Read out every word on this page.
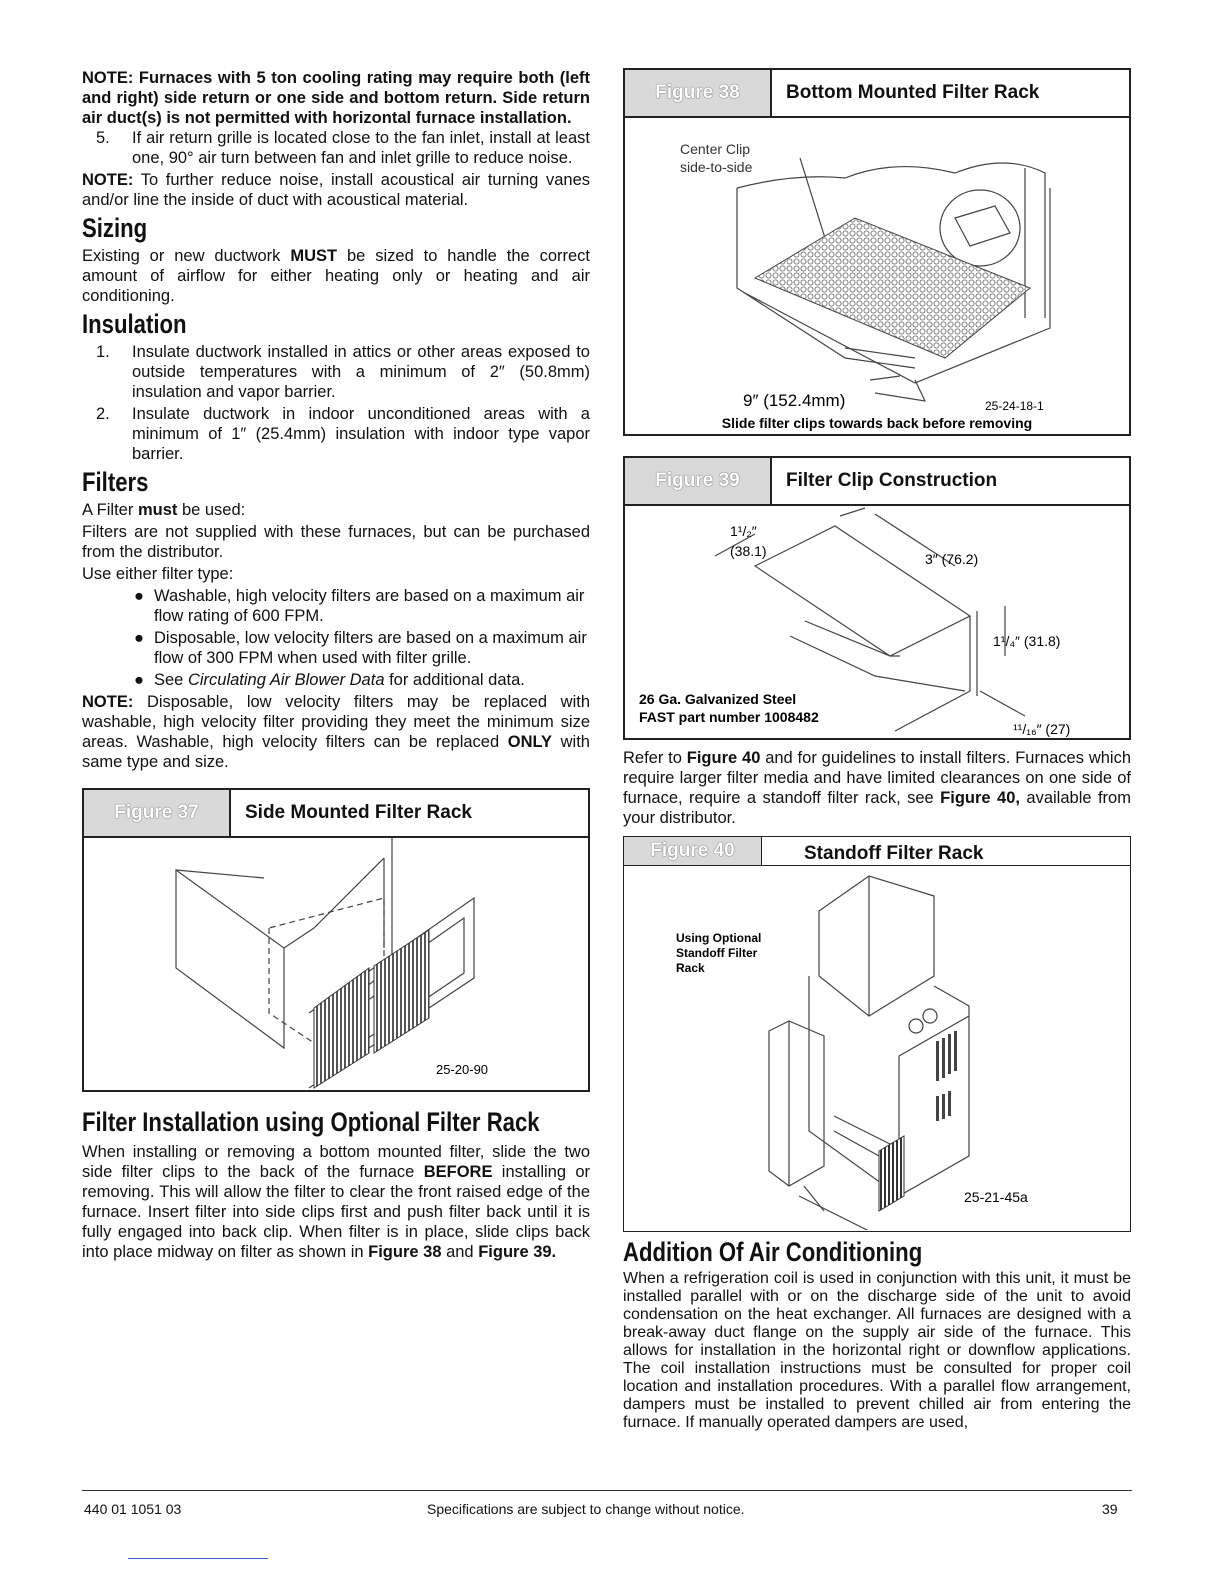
NOTE: Furnaces with 5 ton cooling rating may require both (left and right) side return or one side and bottom return. Side return air duct(s) is not permitted with horizontal furnace installation.

5.	If air return grille is located close to the fan inlet, install at least one, 90° air turn between fan and inlet grille to reduce noise.

NOTE: To further reduce noise, install acoustical air turning vanes and/or line the inside of duct with acoustical material.

Sizing

Existing or new ductwork MUST be sized to handle the correct amount of airflow for either heating only or heating and air conditioning.

Insulation
1.	Insulate ductwork installed in attics or other areas exposed to outside temperatures with a minimum of 2″ (50.8mm) insulation and vapor barrier.
2.	Insulate ductwork in indoor unconditioned areas with a minimum of 1″ (25.4mm) insulation with indoor type vapor barrier.
Filters

A Filter must be used:

Filters are not supplied with these furnaces, but can be purchased from the distributor.

Use either filter type:

● Washable, high velocity filters are based on a maximum air flow rating of 600 FPM.
● Disposable, low velocity filters are based on a maximum air flow of 300 FPM when used with filter grille.
● See Circulating Air Blower Data for additional data.

NOTE: Disposable, low velocity filters may be replaced with washable, high velocity filter providing they meet the minimum size areas. Washable, high velocity filters can be replaced ONLY with same type and size.

Figure 37	Side Mounted Filter Rack
25-20-90
Filter Installation using Optional Filter Rack

When installing or removing a bottom mounted filter, slide the two side filter clips to the back of the furnace BEFORE installing or removing. This will allow the filter to clear the front raised edge of the furnace. Insert filter into side clips first and push filter back until it is fully engaged into back clip. When filter is in place, slide clips back into place midway on filter as shown in Figure 38 and Figure 39.

Figure 38	Bottom Mounted Filter Rack
Center Clip
side-to-side
9″ (152.4mm)	25-24-18-1
Slide filter clips towards back before removing
Figure 39	Filter Clip Construction
1¹/₂″
(38.1)	3″ (76.2)
1¹/₄″ (31.8)
¹¹/₁₆″ (27)
26 Ga. Galvanized Steel
FAST part number 1008482

Refer to Figure 40 and for guidelines to install filters. Furnaces which require larger filter media and have limited clearances on one side of furnace, require a standoff filter rack, see Figure 40, available from your distributor.

Figure 40	Standoff Filter Rack
Using Optional
Standoff Filter
Rack
25-21-45a
Addition Of Air Conditioning

When a refrigeration coil is used in conjunction with this unit, it must be installed parallel with or on the discharge side of the unit to avoid condensation on the heat exchanger. All furnaces are designed with a break-away duct flange on the supply air side of the furnace. This allows for installation in the horizontal right or downflow applications. The coil installation instructions must be consulted for proper coil location and installation procedures. With a parallel flow arrangement, dampers must be installed to prevent chilled air from entering the furnace. If manually operated dampers are used,

440 01 1051 03	Specifications are subject to change without notice.	39
